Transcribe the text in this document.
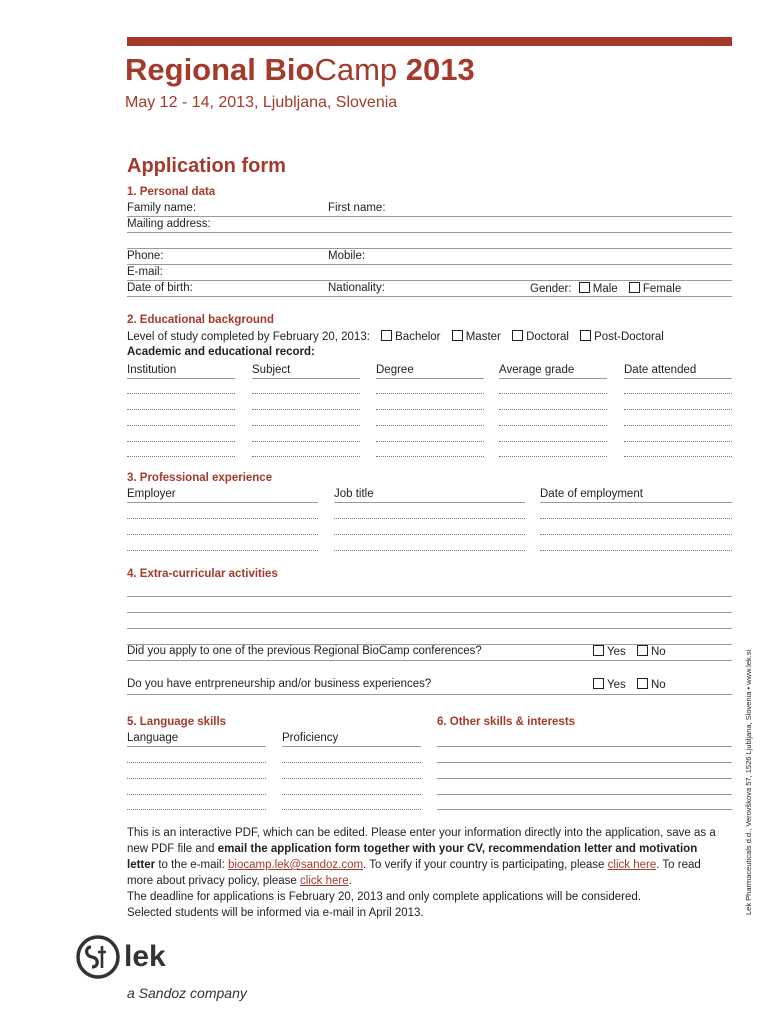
Regional BioCamp 2013
May 12 - 14, 2013, Ljubljana, Slovenia
Application form
1. Personal data
Family name:	First name:
Mailing address:
Phone:	Mobile:
E-mail:
Date of birth:	Nationality:	Gender: Male Female
2. Educational background
Level of study completed by February 20, 2013: Bachelor Master Doctoral Post-Doctoral
Academic and educational record:
Institution	Subject	Degree	Average grade	Date attended
3. Professional experience
Employer	Job title	Date of employment
4. Extra-curricular activities
Did you apply to one of the previous Regional BioCamp conferences?	Yes No
Do you have entrpreneurship and/or business experiences?	Yes No
5. Language skills	6. Other skills & interests
Language	Proficiency
This is an interactive PDF, which can be edited. Please enter your information directly into the application, save as a new PDF file and email the application form together with your CV, recommendation letter and motivation letter to the e-mail: biocamp.lek@sandoz.com. To verify if your country is participating, please click here. To read more about privacy policy, please click here.
The deadline for applications is February 20, 2013 and only complete applications will be considered.
Selected students will be informed via e-mail in April 2013.	Lek Pharmaceuticals d.d., Verovškova 57, 1526 Ljubljana, Slovenia • www.lek.si
lek
a Sandoz company
